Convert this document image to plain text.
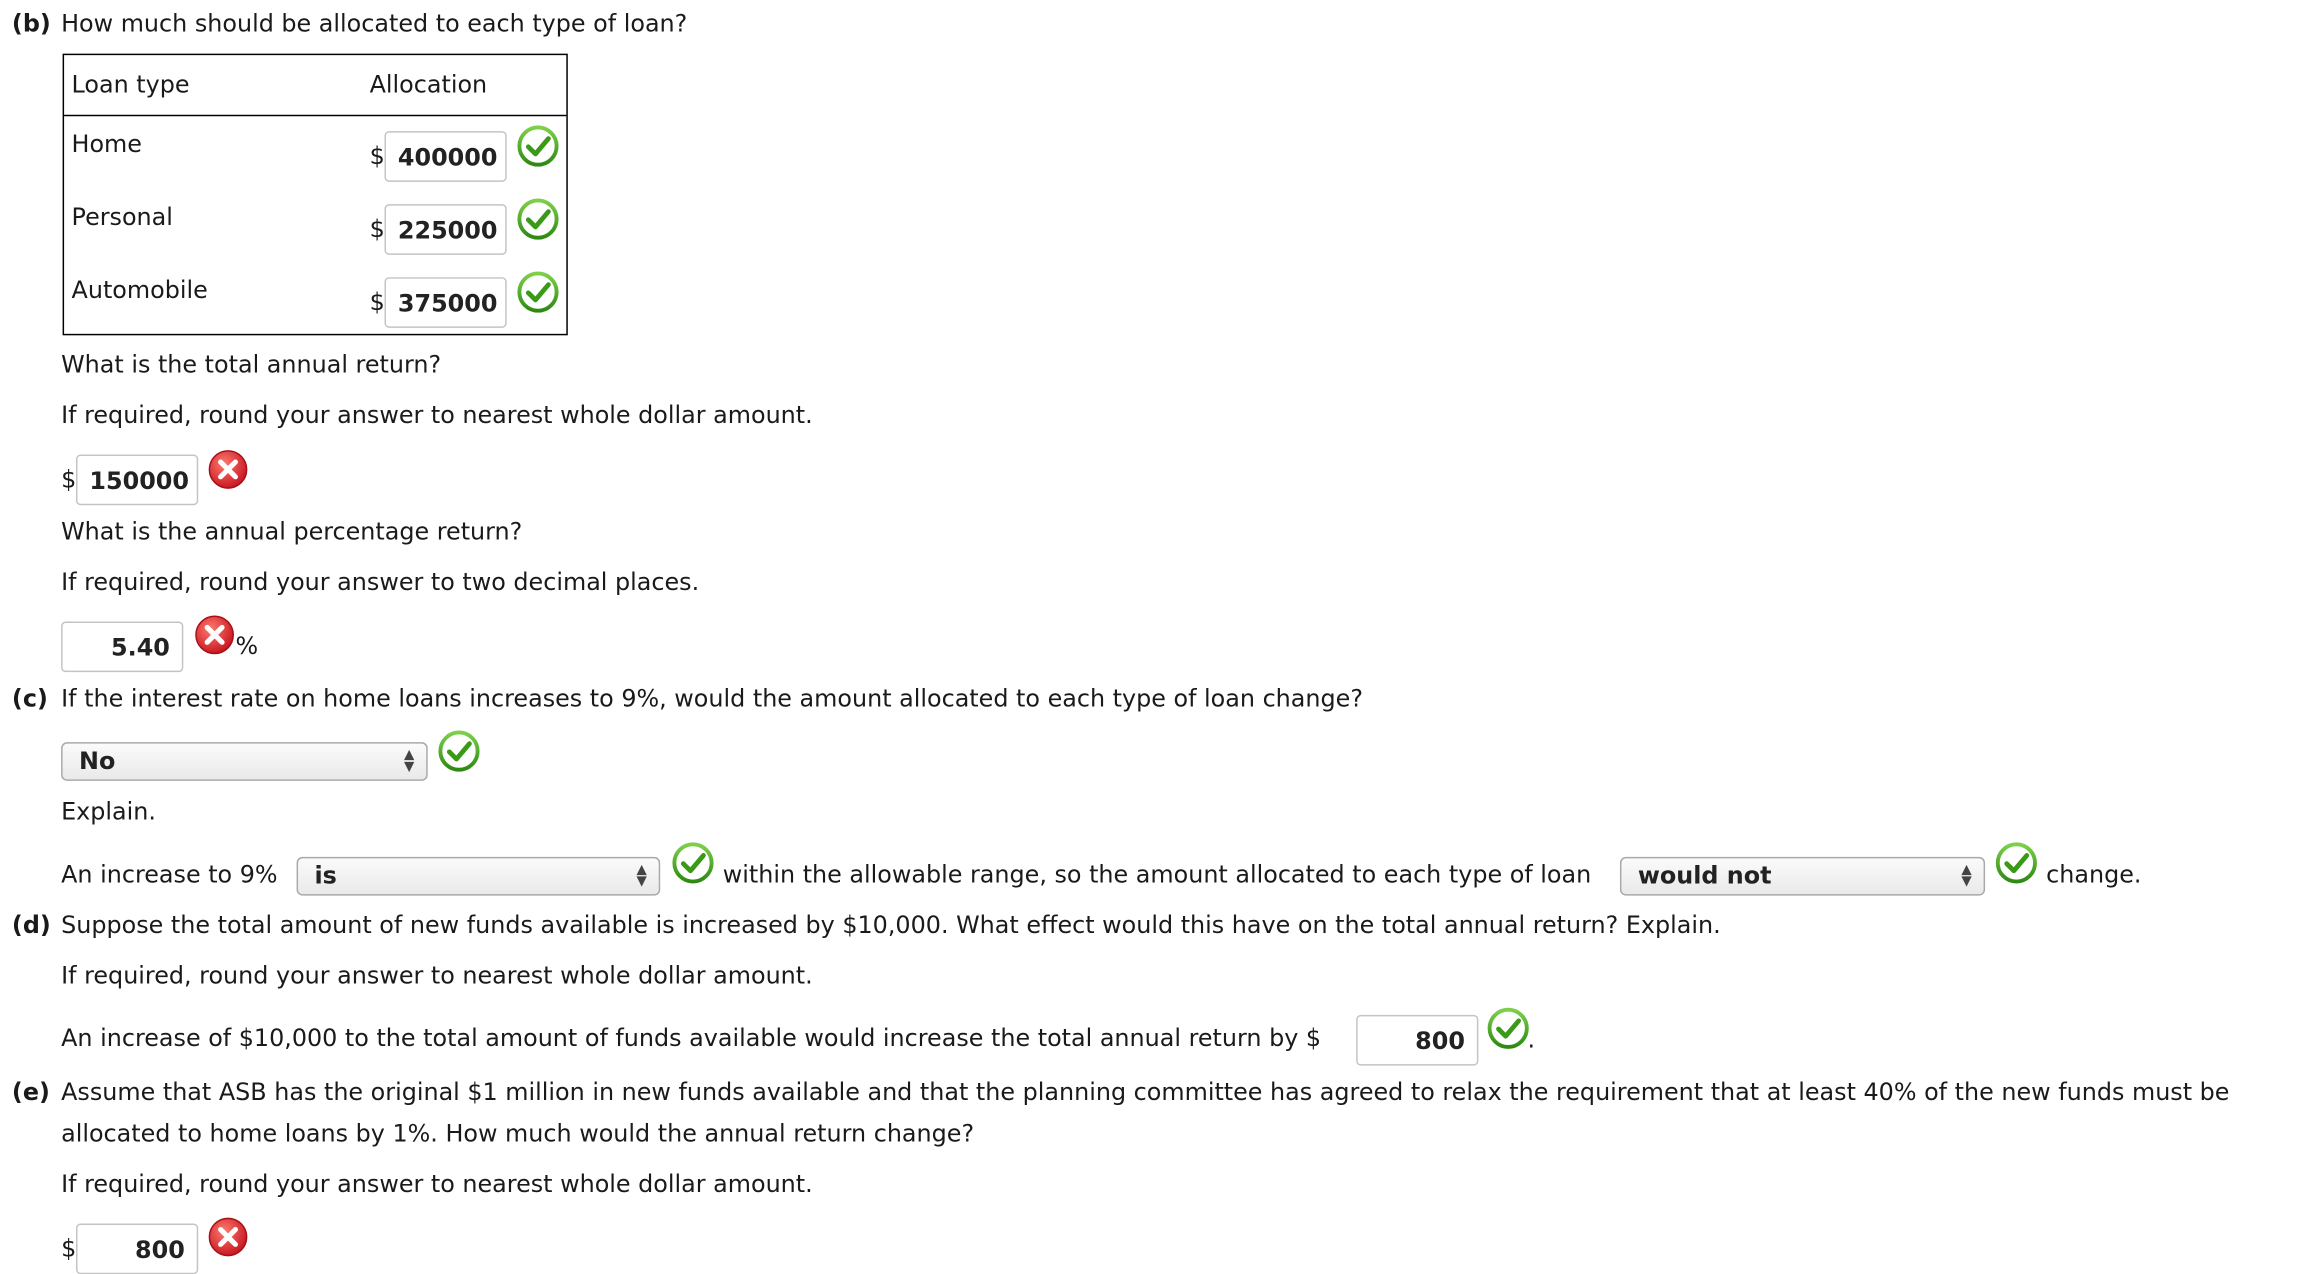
(b) How much should be allocated to each type of loan?
Loan type	Allocation
Home	$ 400000
Personal	$ 225000
Automobile	$ 375000
What is the total annual return?
If required, round your answer to nearest whole dollar amount.
$ 150000
What is the annual percentage return?
If required, round your answer to two decimal places.
5.40	%
(c) If the interest rate on home loans increases to 9%, would the amount allocated to each type of loan change?
No	▲
▼
Explain.
An increase to 9%	is	▲
▼	within the allowable range, so the amount allocated to each type of loan	would not	▲
▼	change.
(d) Suppose the total amount of new funds available is increased by $10,000. What effect would this have on the total annual return? Explain.
If required, round your answer to nearest whole dollar amount.
An increase of $10,000 to the total amount of funds available would increase the total annual return by $	800	.
(e) Assume that ASB has the original $1 million in new funds available and that the planning committee has agreed to relax the requirement that at least 40% of the new funds must be
allocated to home loans by 1%. How much would the annual return change?
If required, round your answer to nearest whole dollar amount.
$	800
